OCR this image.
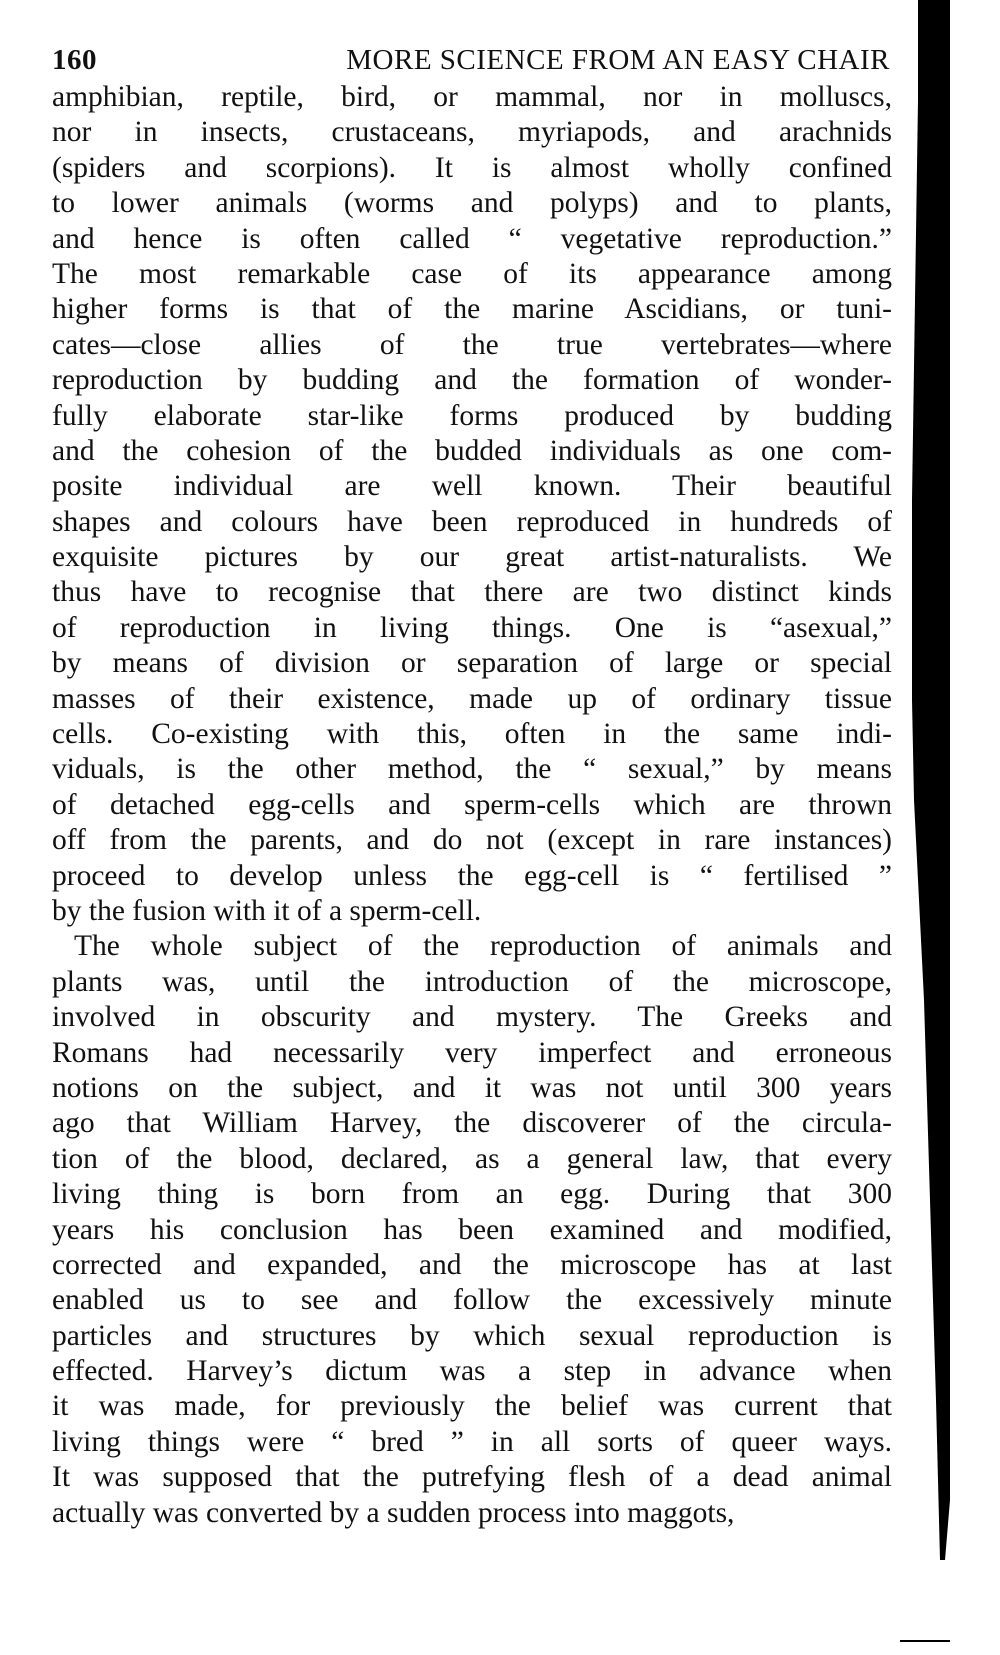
160	MORE SCIENCE FROM AN EASY CHAIR
amphibian, reptile, bird, or mammal, nor in molluscs,
nor in insects, crustaceans, myriapods, and arachnids
(spiders and scorpions). It is almost wholly confined
to lower animals (worms and polyps) and to plants,
and hence is often called “ vegetative reproduction.”
The most remarkable case of its appearance among
higher forms is that of the marine Ascidians, or tuni-
cates—close allies of the true vertebrates—where
reproduction by budding and the formation of wonder-
fully elaborate star-like forms produced by budding
and the cohesion of the budded individuals as one com-
posite individual are well known. Their beautiful
shapes and colours have been reproduced in hundreds of
exquisite pictures by our great artist-naturalists. We
thus have to recognise that there are two distinct kinds
of reproduction in living things. One is “asexual,”
by means of division or separation of large or special
masses of their existence, made up of ordinary tissue
cells. Co-existing with this, often in the same indi-
viduals, is the other method, the “ sexual,” by means
of detached egg-cells and sperm-cells which are thrown
off from the parents, and do not (except in rare instances)
proceed to develop unless the egg-cell is “ fertilised ”
by the fusion with it of a sperm-cell.
The whole subject of the reproduction of animals and
plants was, until the introduction of the microscope,
involved in obscurity and mystery. The Greeks and
Romans had necessarily very imperfect and erroneous
notions on the subject, and it was not until 300 years
ago that William Harvey, the discoverer of the circula-
tion of the blood, declared, as a general law, that every
living thing is born from an egg. During that 300
years his conclusion has been examined and modified,
corrected and expanded, and the microscope has at last
enabled us to see and follow the excessively minute
particles and structures by which sexual reproduction is
effected. Harvey’s dictum was a step in advance when
it was made, for previously the belief was current that
living things were “ bred ” in all sorts of queer ways.
It was supposed that the putrefying flesh of a dead animal
actually was converted by a sudden process into maggots,
